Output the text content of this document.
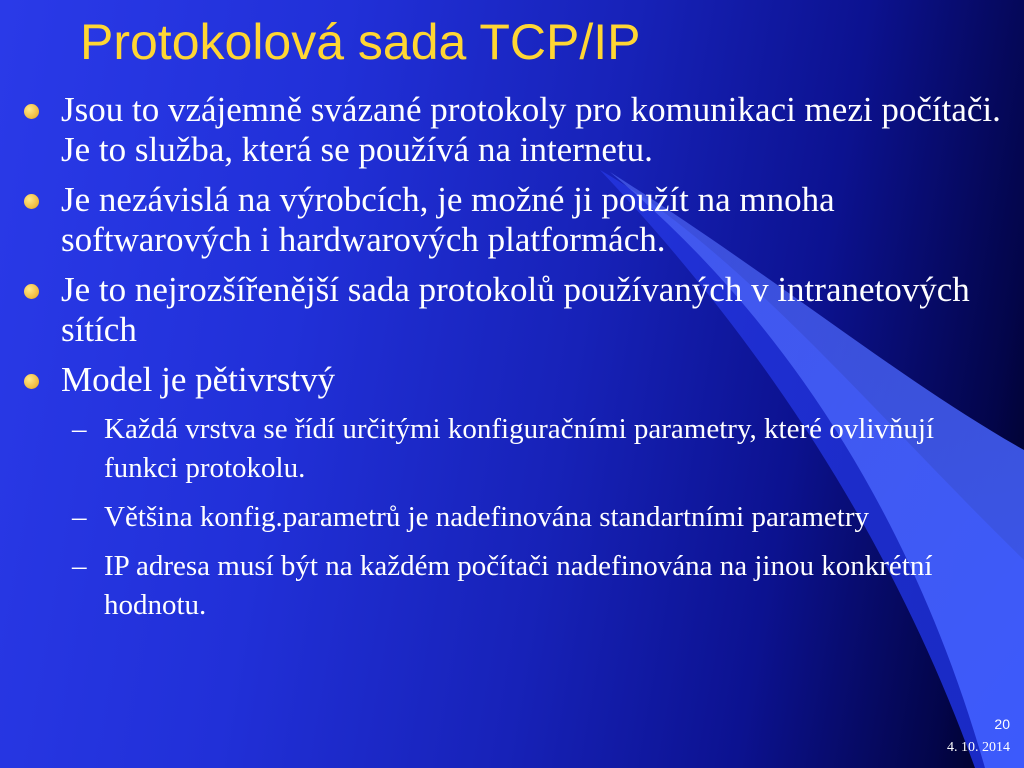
Protokolová sada TCP/IP
Jsou to vzájemně svázané protokoly pro komunikaci mezi počítači. Je to služba, která se používá na internetu.
Je nezávislá na výrobcích, je možné ji použít na mnoha softwarových i hardwarových platformách.
Je to nejrozšířenější sada protokolů používaných v intranetových sítích
Model je pětivrstvý
– Každá vrstva se řídí určitými konfiguračními parametry, které ovlivňují funkci protokolu.
– Většina konfig.parametrů je nadefinována standartními parametry
– IP adresa musí být na každém počítači nadefinována na jinou konkrétní hodnotu.
20
4. 10. 2014
